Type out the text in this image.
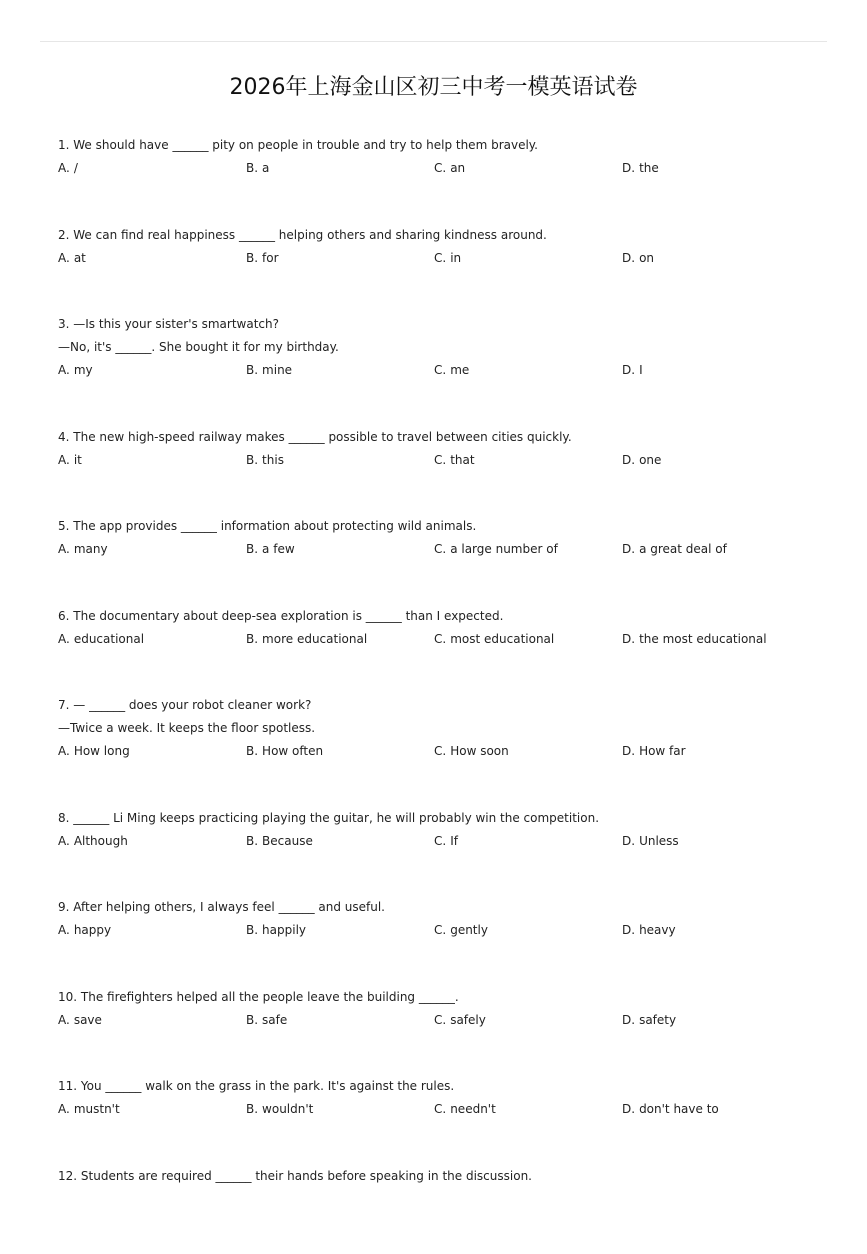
2026年上海金山区初三中考一模英语试卷
1. We should have ______ pity on people in trouble and try to help them bravely.
A. /	B. a	C. an	D. the
2. We can find real happiness ______ helping others and sharing kindness around.
A. at	B. for	C. in	D. on
3. —Is this your sister's smartwatch?
—No, it's ______. She bought it for my birthday.
A. my	B. mine	C. me	D. I
4. The new high-speed railway makes ______ possible to travel between cities quickly.
A. it	B. this	C. that	D. one
5. The app provides ______ information about protecting wild animals.
A. many	B. a few	C. a large number of	D. a great deal of
6. The documentary about deep-sea exploration is ______ than I expected.
A. educational	B. more educational	C. most educational	D. the most educational
7. — ______ does your robot cleaner work?
—Twice a week. It keeps the floor spotless.
A. How long	B. How often	C. How soon	D. How far
8. ______ Li Ming keeps practicing playing the guitar, he will probably win the competition.
A. Although	B. Because	C. If	D. Unless
9. After helping others, I always feel ______ and useful.
A. happy	B. happily	C. gently	D. heavy
10. The firefighters helped all the people leave the building ______.
A. save	B. safe	C. safely	D. safety
11. You ______ walk on the grass in the park. It's against the rules.
A. mustn't	B. wouldn't	C. needn't	D. don't have to
12. Students are required ______ their hands before speaking in the discussion.
